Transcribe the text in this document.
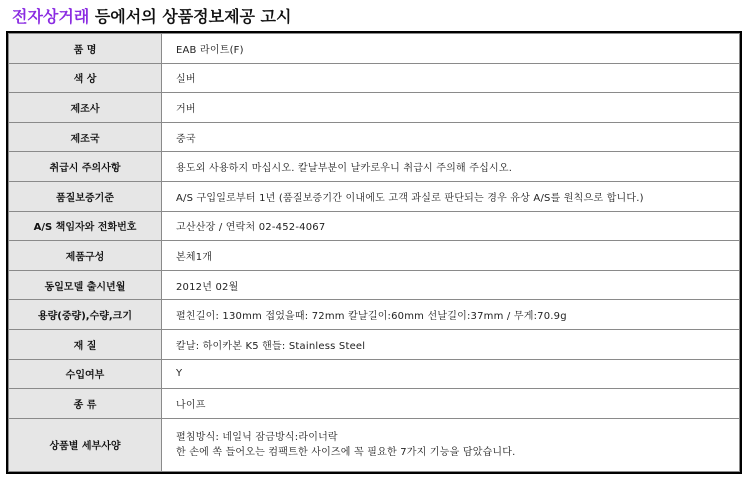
전자상거래 등에서의 상품정보제공 고시
품 명	EAB 라이트(F)
색 상	실버
제조사	거버
제조국	중국
취급시 주의사항	용도외 사용하지 마십시오. 칼날부분이 날카로우니 취급시 주의해 주십시오.
품질보증기준	A/S 구입일로부터 1년 (품질보증기간 이내에도 고객 과실로 판단되는 경우 유상 A/S를 원칙으로 합니다.)
A/S 책임자와 전화번호	고산산장 / 연락처 02-452-4067
제품구성	본체1개
동일모델 출시년월	2012년 02월
용량(중량),수량,크기	펼친길이: 130mm 접었을때: 72mm 칼날길이:60mm 선날길이:37mm / 무게:70.9g
재 질	칼날: 하이카본 K5 핸들: Stainless Steel
수입여부	Y
종 류	나이프
상품별 세부사양	펼침방식: 네일닉 잠금방식:라이너락
한 손에 쏙 들어오는 컴팩트한 사이즈에 꼭 필요한 7가지 기능을 담았습니다.
